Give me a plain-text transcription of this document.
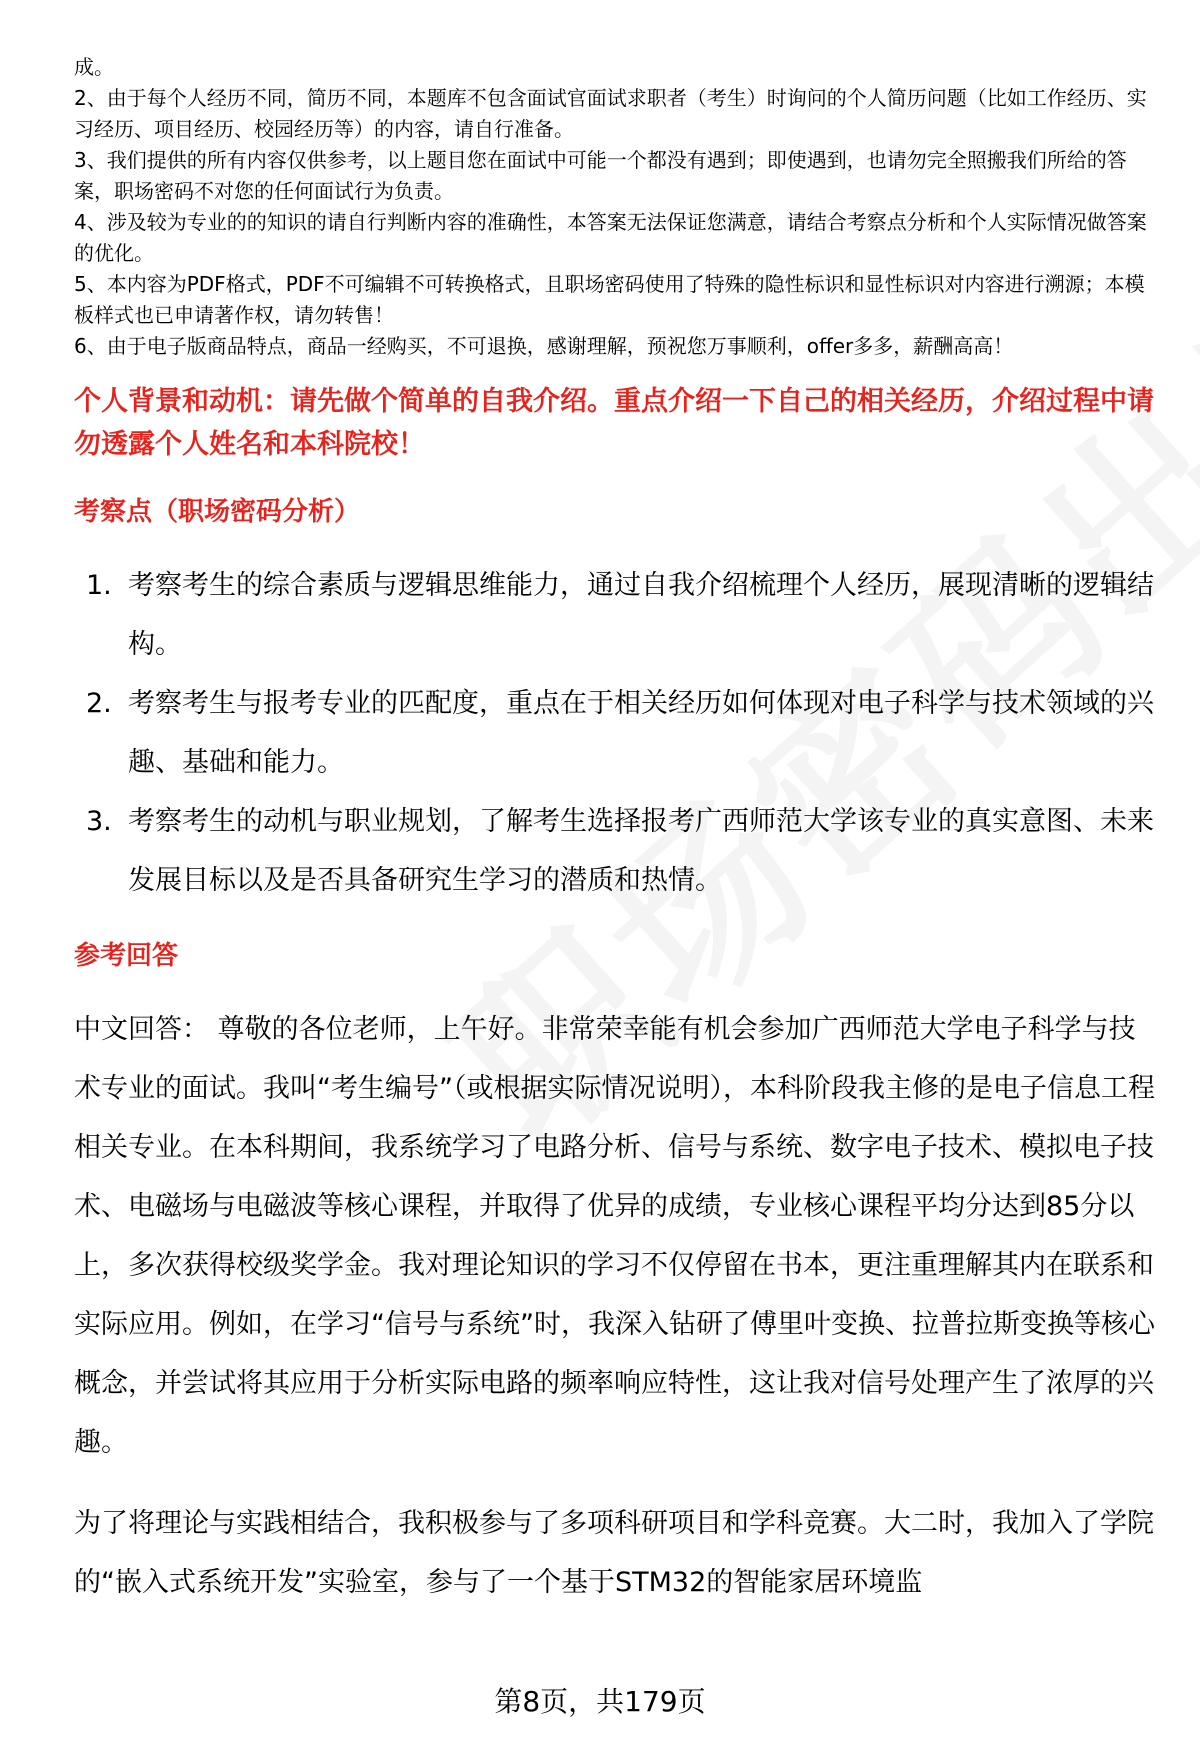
成。

2、由于每个人经历不同，简历不同，本题库不包含面试官面试求职者（考生）时询问的个人简历问题（比如工作经历、实习经历、项目经历、校园经历等）的内容，请自行准备。

3、我们提供的所有内容仅供参考，以上题目您在面试中可能一个都没有遇到；即使遇到，也请勿完全照搬我们所给的答案，职场密码不对您的任何面试行为负责。

4、涉及较为专业的的知识的请自行判断内容的准确性，本答案无法保证您满意，请结合考察点分析和个人实际情况做答案的优化。

5、本内容为PDF格式，PDF不可编辑不可转换格式，且职场密码使用了特殊的隐性标识和显性标识对内容进行溯源；本模板样式也已申请著作权，请勿转售！

6、由于电子版商品特点，商品一经购买，不可退换，感谢理解，预祝您万事顺利，offer多多，薪酬高高！

个人背景和动机：请先做个简单的自我介绍。重点介绍一下自己的相关经历，介绍过程中请勿透露个人姓名和本科院校！
考察点（职场密码分析）
1. 考察考生的综合素质与逻辑思维能力，通过自我介绍梳理个人经历，展现清晰的逻辑结构。
2. 考察考生与报考专业的匹配度，重点在于相关经历如何体现对电子科学与技术领域的兴趣、基础和能力。
3. 考察考生的动机与职业规划，了解考生选择报考广西师范大学该专业的真实意图、未来发展目标以及是否具备研究生学习的潜质和热情。
参考回答

中文回答： 尊敬的各位老师，上午好。非常荣幸能有机会参加广西师范大学电子科学与技术专业的面试。我叫“考生编号”（或根据实际情况说明），本科阶段我主修的是电子信息工程相关专业。在本科期间，我系统学习了电路分析、信号与系统、数字电子技术、模拟电子技术、电磁场与电磁波等核心课程，并取得了优异的成绩，专业核心课程平均分达到85分以上，多次获得校级奖学金。我对理论知识的学习不仅停留在书本，更注重理解其内在联系和实际应用。例如，在学习“信号与系统”时，我深入钻研了傅里叶变换、拉普拉斯变换等核心概念，并尝试将其应用于分析实际电路的频率响应特性，这让我对信号处理产生了浓厚的兴趣。

为了将理论与实践相结合，我积极参与了多项科研项目和学科竞赛。大二时，我加入了学院的“嵌入式系统开发”实验室，参与了一个基于STM32的智能家居环境监

第8页，共179页
